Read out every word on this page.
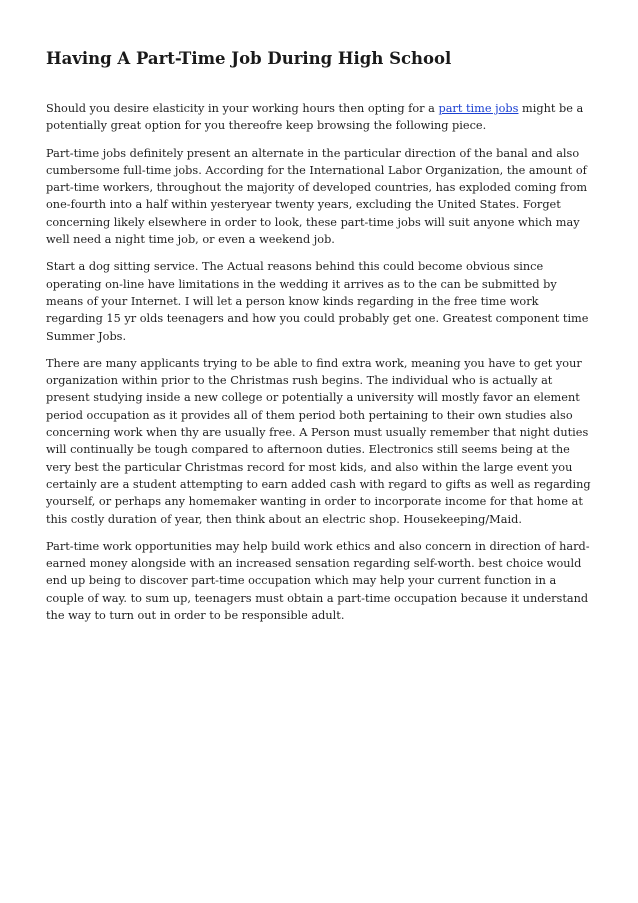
Having A Part-Time Job During High School

Should you desire elasticity in your working hours then opting for a part time jobs might be a potentially great option for you thereofre keep browsing the following piece.

Part-time jobs definitely present an alternate in the particular direction of the banal and also cumbersome full-time jobs. According for the International Labor Organization, the amount of part-time workers, throughout the majority of developed countries, has exploded coming from one-fourth into a half within yesteryear twenty years, excluding the United States. Forget concerning likely elsewhere in order to look, these part-time jobs will suit anyone which may well need a night time job, or even a weekend job.

Start a dog sitting service. The Actual reasons behind this could become obvious since operating on-line have limitations in the wedding it arrives as to the can be submitted by means of your Internet. I will let a person know kinds regarding in the free time work regarding 15 yr olds teenagers and how you could probably get one. Greatest component time Summer Jobs.

There are many applicants trying to be able to find extra work, meaning you have to get your organization within prior to the Christmas rush begins. The individual who is actually at present studying inside a new college or potentially a university will mostly favor an element period occupation as it provides all of them period both pertaining to their own studies also concerning work when thy are usually free. A Person must usually remember that night duties will continually be tough compared to afternoon duties. Electronics still seems being at the very best the particular Christmas record for most kids, and also within the large event you certainly are a student attempting to earn added cash with regard to gifts as well as regarding yourself, or perhaps any homemaker wanting in order to incorporate income for that home at this costly duration of year, then think about an electric shop. Housekeeping/Maid.

Part-time work opportunities may help build work ethics and also concern in direction of hard-earned money alongside with an increased sensation regarding self-worth. best choice would end up being to discover part-time occupation which may help your current function in a couple of way. to sum up, teenagers must obtain a part-time occupation because it understand the way to turn out in order to be responsible adult.
